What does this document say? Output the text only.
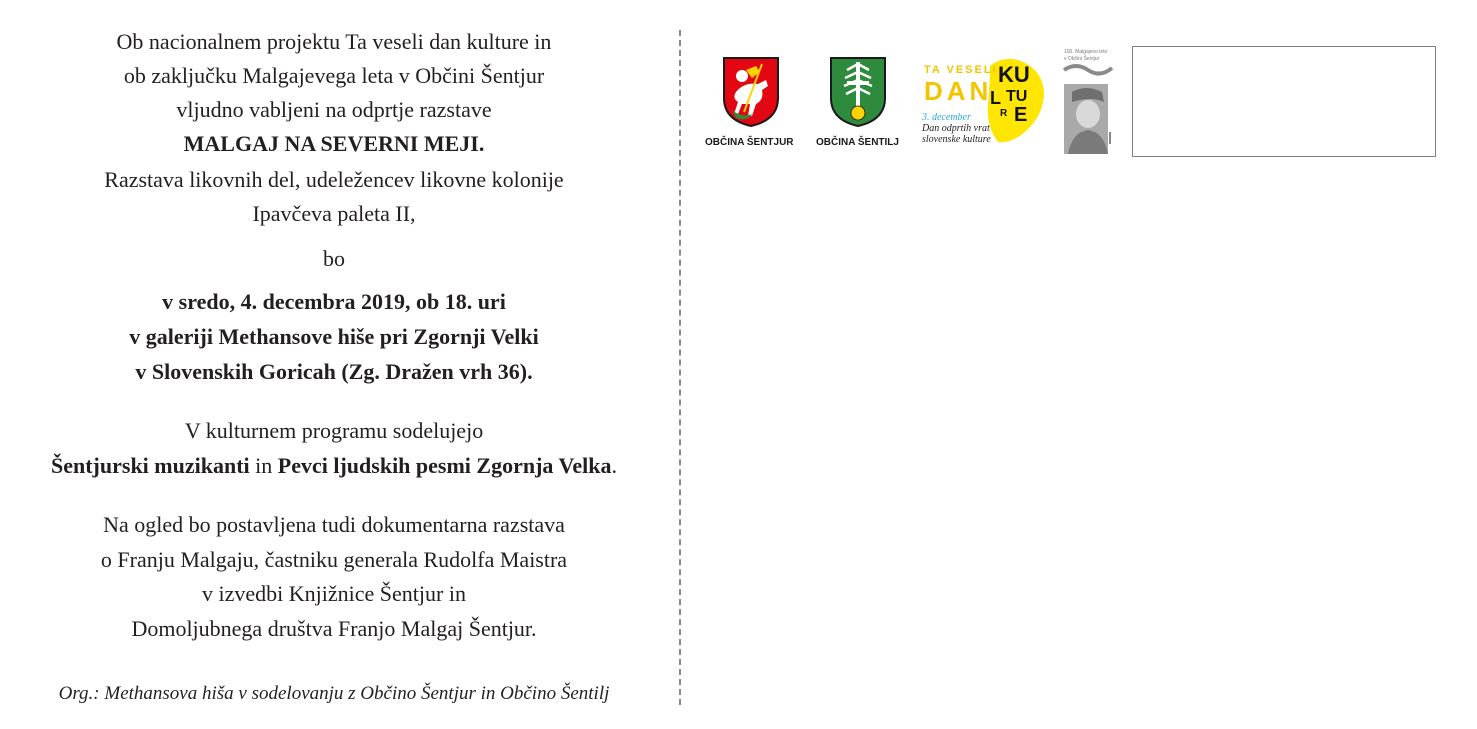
Ob nacionalnem projektu Ta veseli dan kulture in
ob zaključku Malgajevega leta v Občini Šentjur
vljudno vabljeni na odprtje razstave
MALGAJ NA SEVERNI MEJI.
Razstava likovnih del, udeležencev likovne kolonije
Ipavčeva paleta II,
bo
v sredo, 4. decembra 2019, ob 18. uri
v galeriji Methansove hiše pri Zgornji Velki
v Slovenskih Goricah (Zg. Dražen vrh 36).
V kulturnem programu sodelujejo
Šentjurski muzikanti in Pevci ljudskih pesmi Zgornja Velka.
Na ogled bo postavljena tudi dokumentarna razstava
o Franju Malgaju, častniku generala Rudolfa Maistra
v izvedbi Knjižnice Šentjur in
Domoljubnega društva Franjo Malgaj Šentjur.
Org.: Methansova hiša v sodelovanju z Občino Šentjur in Občino Šentilj
OBČINA ŠENTJUR OBČINA ŠENTILJ
TA VESELI
DAN
KU
L TU
R E
3. december
Dan odprtih vrat
slovenske kulture
100. Malgajevo leto
v Občini Šentjur
